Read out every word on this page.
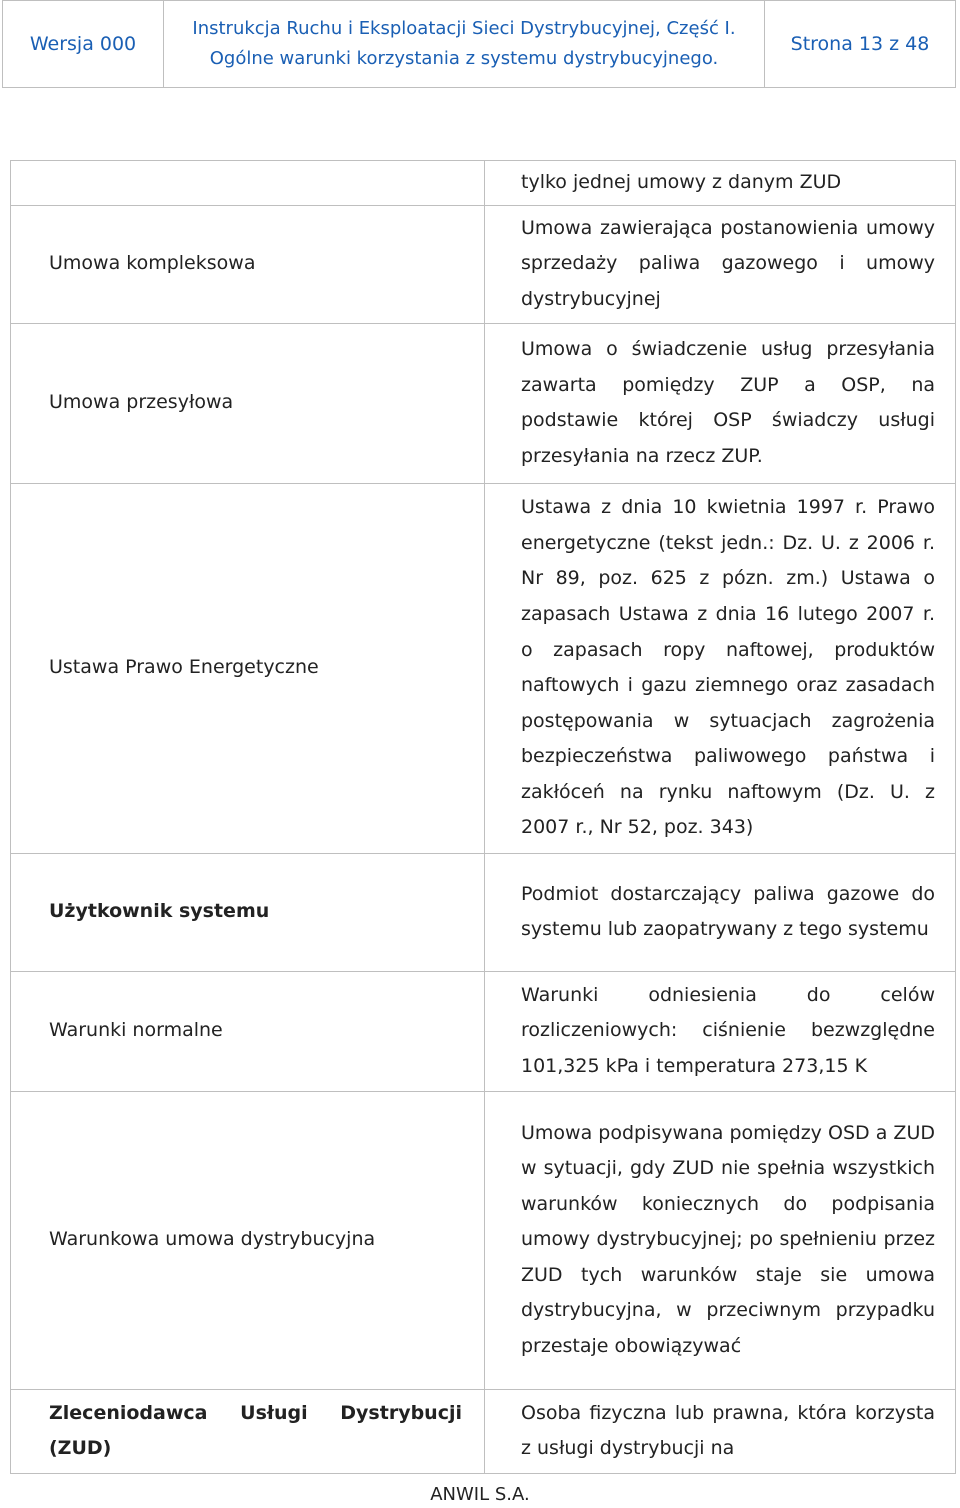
Wersja 000
Instrukcja Ruchu i Eksploatacji Sieci Dystrybucyjnej, Część I.
Ogólne warunki korzystania z systemu dystrybucyjnego.
Strona 13 z 48

	tylko jednej umowy z danym ZUD

Umowa kompleksowa	Umowa zawierająca postanowienia umowy sprzedaży paliwa gazowego i umowy dystrybucyjnej

Umowa przesyłowa	Umowa o świadczenie usług przesyłania zawarta pomiędzy ZUP a OSP, na podstawie której OSP świadczy usługi przesyłania na rzecz ZUP.

Ustawa Prawo Energetyczne	Ustawa z dnia 10 kwietnia 1997 r. Prawo energetyczne (tekst jedn.: Dz. U. z 2006 r. Nr 89, poz. 625 z pózn. zm.) Ustawa o zapasach Ustawa z dnia 16 lutego 2007 r. o zapasach ropy naftowej, produktów naftowych i gazu ziemnego oraz zasadach postępowania w sytuacjach zagrożenia bezpieczeństwa paliwowego państwa i zakłóceń na rynku naftowym (Dz. U. z 2007 r., Nr 52, poz. 343)

Użytkownik systemu	Podmiot dostarczający paliwa gazowe do systemu lub zaopatrywany z tego systemu

Warunki normalne	Warunki odniesienia do celów rozliczeniowych: ciśnienie bezwzględne 101,325 kPa i temperatura 273,15 K

Warunkowa umowa dystrybucyjna	Umowa podpisywana pomiędzy OSD a ZUD w sytuacji, gdy ZUD nie spełnia wszystkich warunków koniecznych do podpisania umowy dystrybucyjnej; po spełnieniu przez ZUD tych warunków staje sie umowa dystrybucyjna, w przeciwnym przypadku przestaje obowiązywać

Zleceniodawca Usługi Dystrybucji (ZUD)	Osoba fizyczna lub prawna, która korzysta z usługi dystrybucji na
ANWIL S.A.
